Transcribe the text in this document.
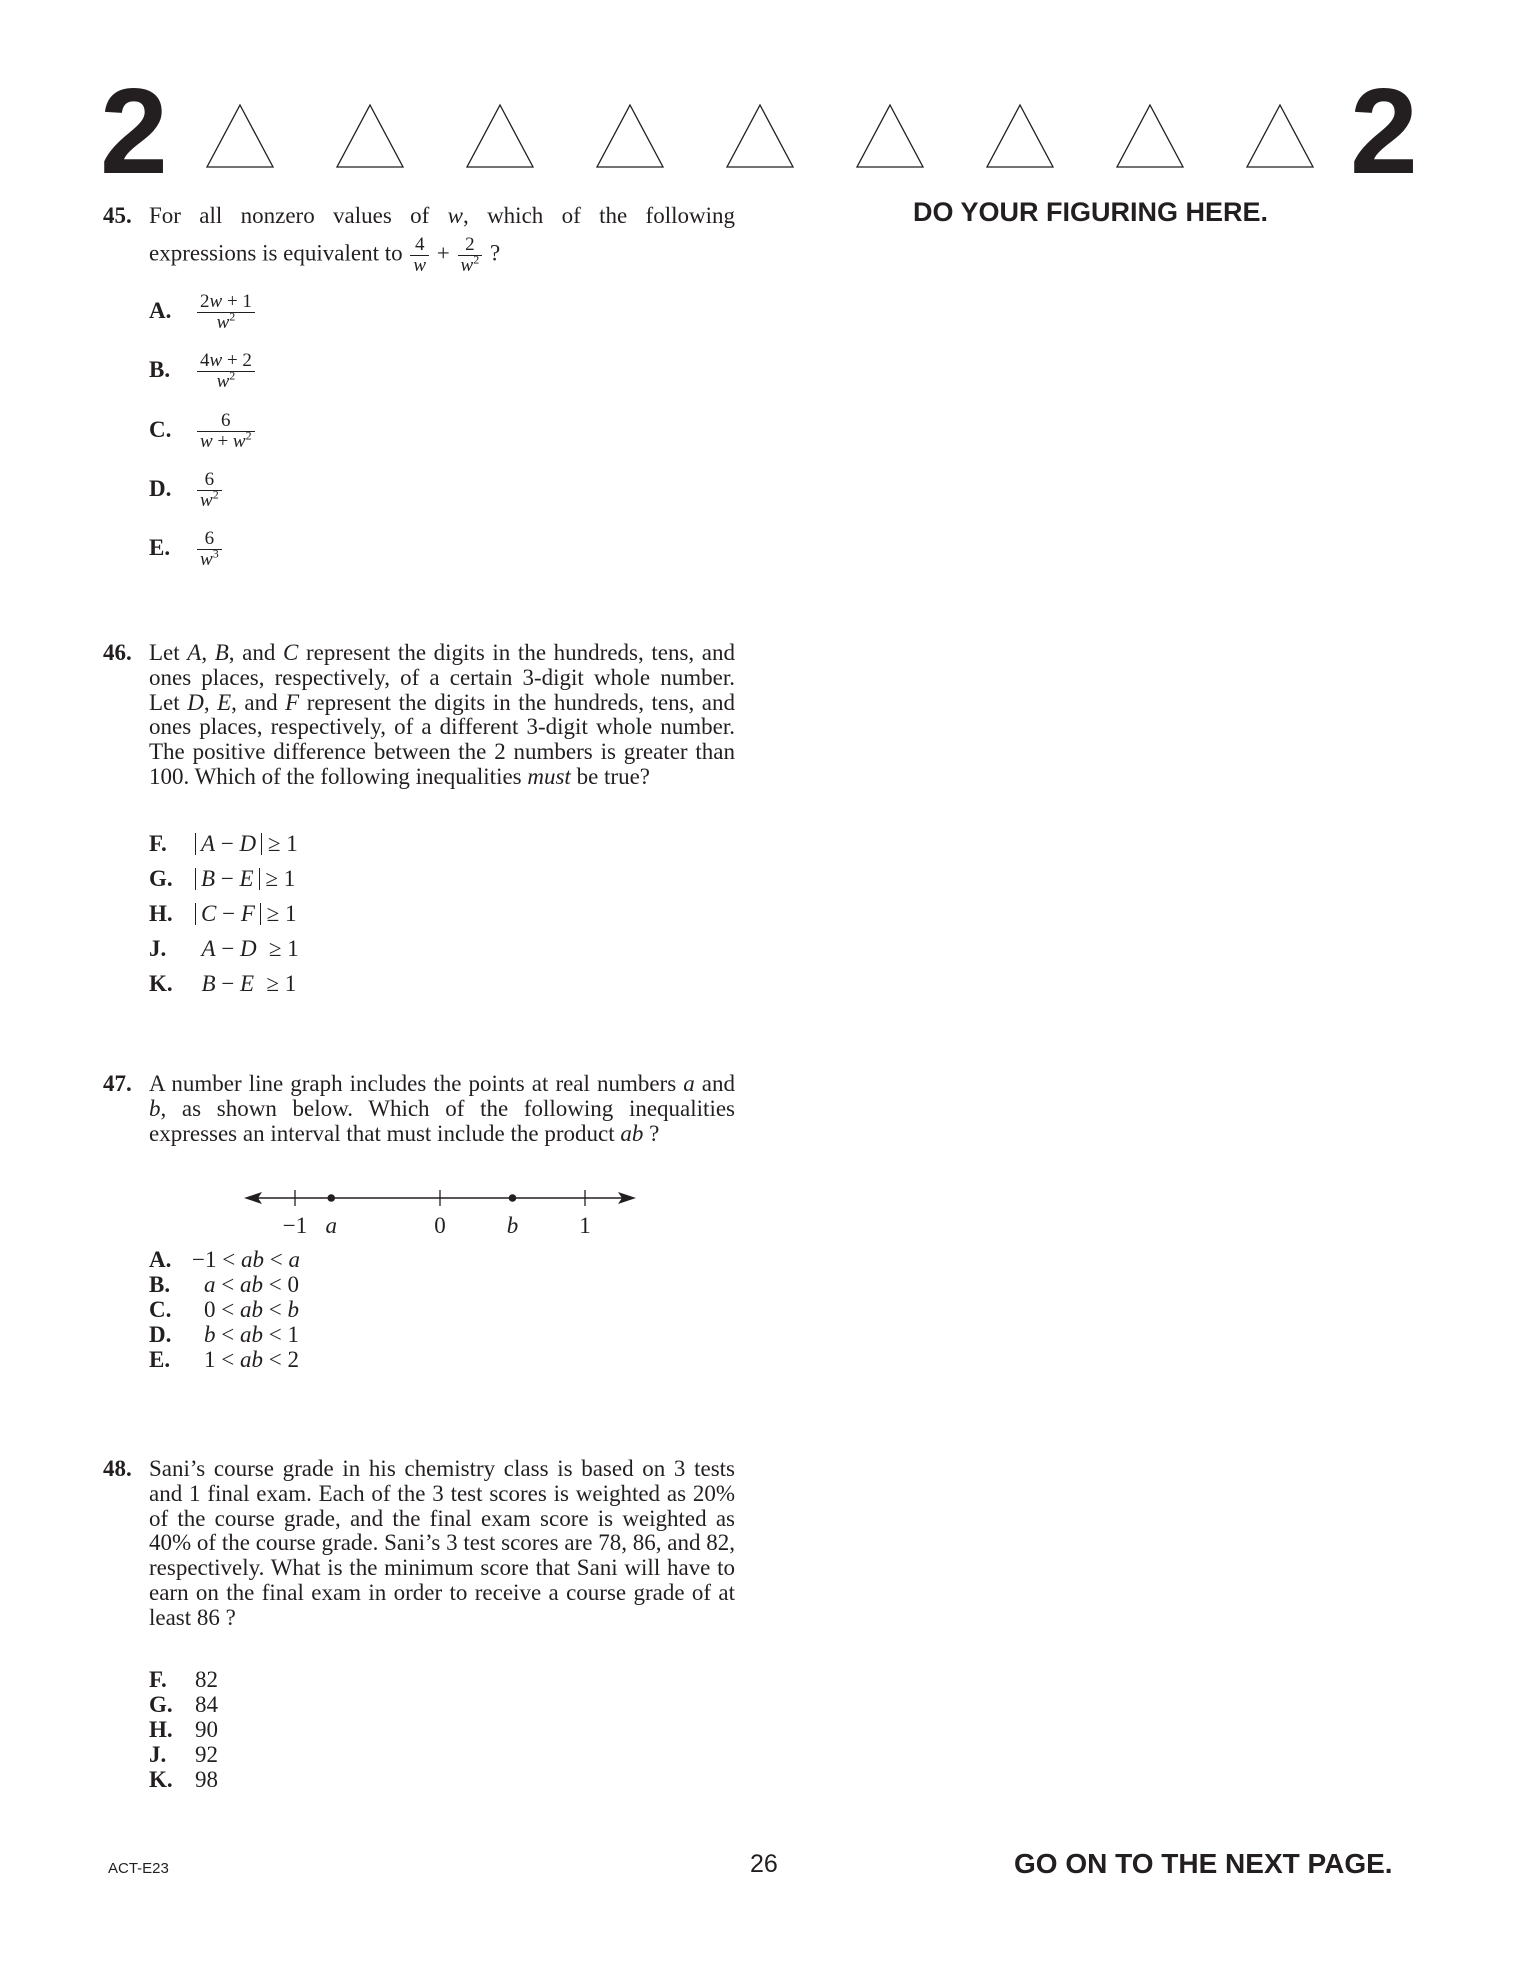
2	2
DO YOUR FIGURING HERE.
45. For all nonzero values of w, which of the following
expressions is equivalent to $\frac{4}{w} + \frac{2}{w^2}$ ?
A. $\frac{2w + 1}{w^2}$
B. $\frac{4w + 2}{w^2}$
C. $\frac{6}{w + w^2}$
D. $\frac{6}{w^2}$
E. $\frac{6}{w^3}$
46. Let A, B, and C represent the digits in the hundreds, tens, and ones places, respectively, of a certain 3-digit whole number. Let D, E, and F represent the digits in the hundreds, tens, and ones places, respectively, of a different 3-digit whole number. The positive difference between the 2 numbers is greater than 100. Which of the following inequalities must be true?
F. A − D ≥ 1
G. B − E ≥ 1
H. C − F ≥ 1
J. A − D ≥ 1
K. B − E ≥ 1
47. A number line graph includes the points at real numbers a and b, as shown below. Which of the following inequalities expresses an interval that must include the product ab ?
−1 a	0	b	1
A. −1 < ab < a
B. a < ab < 0
C. 0 < ab < b
D. b < ab < 1
E. 1 < ab < 2
48. Sani’s course grade in his chemistry class is based on 3 tests and 1 final exam. Each of the 3 test scores is weighted as 20% of the course grade, and the final exam score is weighted as 40% of the course grade. Sani’s 3 test scores are 78, 86, and 82, respectively. What is the minimum score that Sani will have to earn on the final exam in order to receive a course grade of at least 86 ?
F. 82
G. 84
H. 90
J. 92
K. 98
ACT-E23	26	GO ON TO THE NEXT PAGE.
